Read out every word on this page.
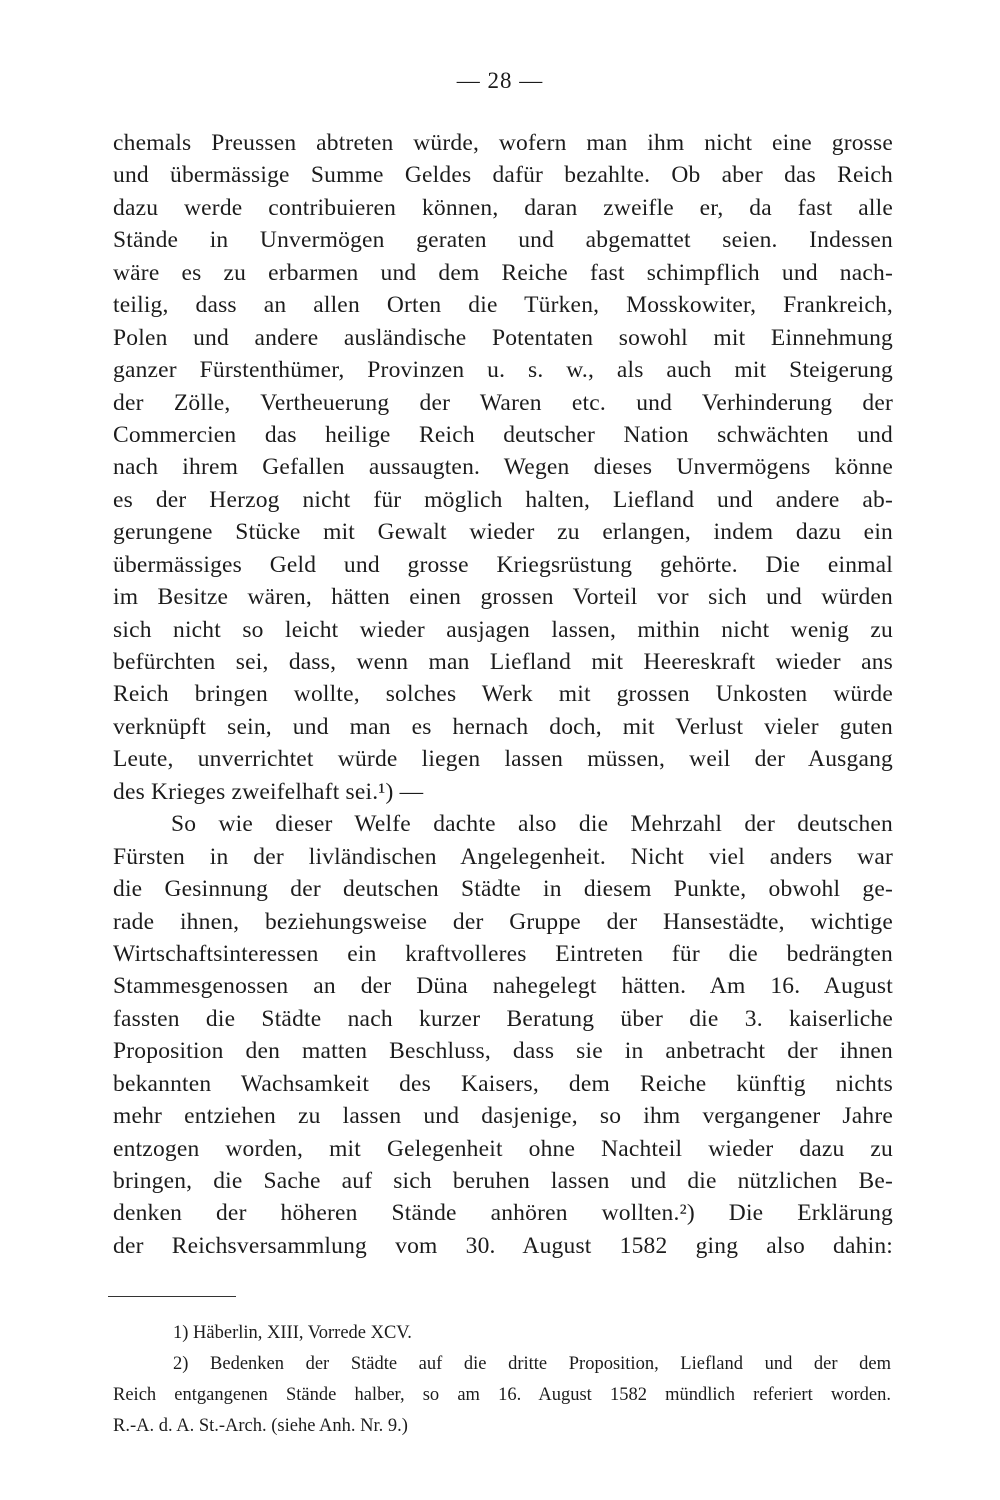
— 28 —
chemals Preussen abtreten würde, wofern man ihm nicht eine grosse
und übermässige Summe Geldes dafür bezahlte. Ob aber das Reich
dazu werde contribuieren können, daran zweifle er, da fast alle
Stände in Unvermögen geraten und abgemattet seien. Indessen
wäre es zu erbarmen und dem Reiche fast schimpflich und nach-
teilig, dass an allen Orten die Türken, Mosskowiter, Frankreich,
Polen und andere ausländische Potentaten sowohl mit Einnehmung
ganzer Fürstenthümer, Provinzen u. s. w., als auch mit Steigerung
der Zölle, Vertheuerung der Waren etc. und Verhinderung der
Commercien das heilige Reich deutscher Nation schwächten und
nach ihrem Gefallen aussaugten. Wegen dieses Unvermögens könne
es der Herzog nicht für möglich halten, Liefland und andere ab-
gerungene Stücke mit Gewalt wieder zu erlangen, indem dazu ein
übermässiges Geld und grosse Kriegsrüstung gehörte. Die einmal
im Besitze wären, hätten einen grossen Vorteil vor sich und würden
sich nicht so leicht wieder ausjagen lassen, mithin nicht wenig zu
befürchten sei, dass, wenn man Liefland mit Heereskraft wieder ans
Reich bringen wollte, solches Werk mit grossen Unkosten würde
verknüpft sein, und man es hernach doch, mit Verlust vieler guten
Leute, unverrichtet würde liegen lassen müssen, weil der Ausgang
des Krieges zweifelhaft sei.¹) —
So wie dieser Welfe dachte also die Mehrzahl der deutschen
Fürsten in der livländischen Angelegenheit. Nicht viel anders war
die Gesinnung der deutschen Städte in diesem Punkte, obwohl ge-
rade ihnen, beziehungsweise der Gruppe der Hansestädte, wichtige
Wirtschaftsinteressen ein kraftvolleres Eintreten für die bedrängten
Stammesgenossen an der Düna nahegelegt hätten. Am 16. August
fassten die Städte nach kurzer Beratung über die 3. kaiserliche
Proposition den matten Beschluss, dass sie in anbetracht der ihnen
bekannten Wachsamkeit des Kaisers, dem Reiche künftig nichts
mehr entziehen zu lassen und dasjenige, so ihm vergangener Jahre
entzogen worden, mit Gelegenheit ohne Nachteil wieder dazu zu
bringen, die Sache auf sich beruhen lassen und die nützlichen Be-
denken der höheren Stände anhören wollten.²) Die Erklärung
der Reichsversammlung vom 30. August 1582 ging also dahin:
1) Häberlin, XIII, Vorrede XCV.
2) Bedenken der Städte auf die dritte Proposition, Liefland und der dem
Reich entgangenen Stände halber, so am 16. August 1582 mündlich referiert worden.
R.-A. d. A. St.-Arch. (siehe Anh. Nr. 9.)
